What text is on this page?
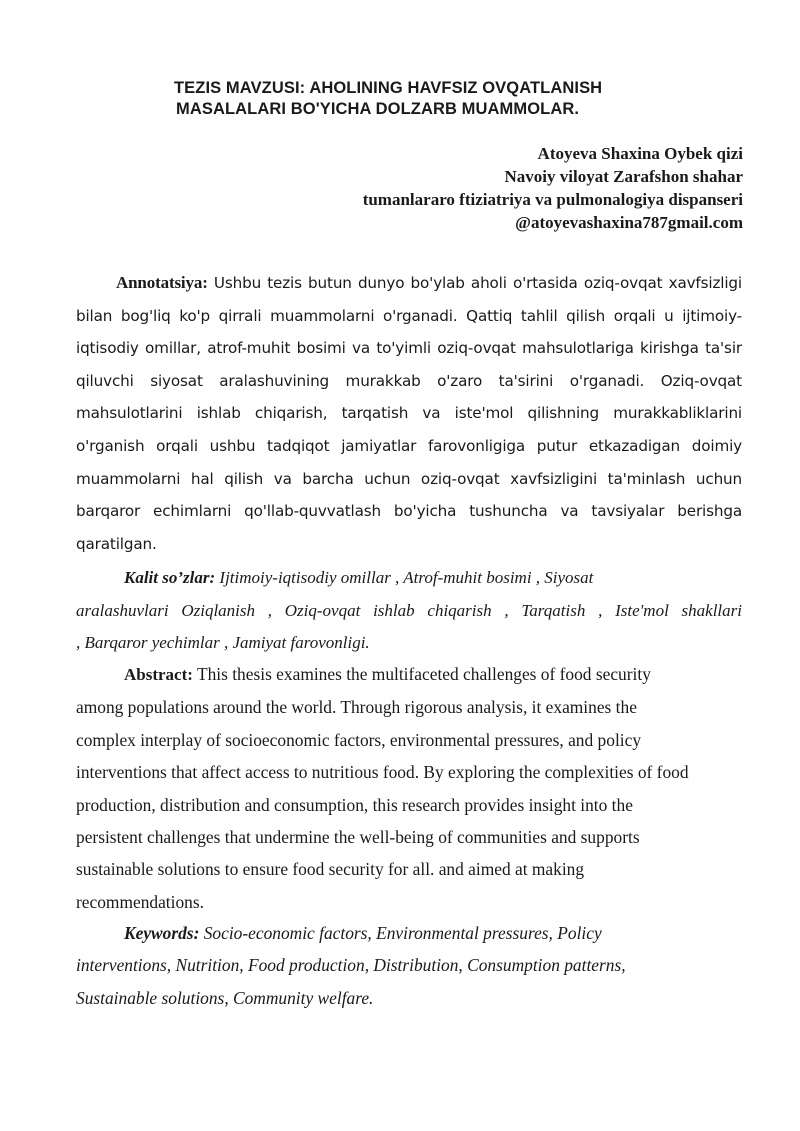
TEZIS MAVZUSI: AHOLINING HAVFSIZ OVQATLANISH
MASALALARI BO'YICHA DOLZARB MUAMMOLAR.
Atoyeva Shaxina Oybek qizi
Navoiy viloyat Zarafshon shahar
tumanlararo ftiziatriya va pulmonalogiya dispanseri
@atoyevashaxina787gmail.com
Annotatsiya: Ushbu tezis butun dunyo bo'ylab aholi o'rtasida oziq-ovqat xavfsizligi
bilan bog'liq ko'p qirrali muammolarni o'rganadi. Qattiq tahlil qilish orqali u ijtimoiy-
iqtisodiy omillar, atrof-muhit bosimi va to'yimli oziq-ovqat mahsulotlariga kirishga ta'sir
qiluvchi siyosat aralashuvining murakkab o'zaro ta'sirini o'rganadi. Oziq-ovqat
mahsulotlarini ishlab chiqarish, tarqatish va iste'mol qilishning murakkabliklarini
o'rganish orqali ushbu tadqiqot jamiyatlar farovonligiga putur etkazadigan doimiy
muammolarni hal qilish va barcha uchun oziq-ovqat xavfsizligini ta'minlash uchun
barqaror echimlarni qo'llab-quvvatlash bo'yicha tushuncha va tavsiyalar berishga
qaratilgan.
Kalit so’zlar: Ijtimoiy-iqtisodiy omillar , Atrof-muhit bosimi , Siyosat
aralashuvlari Oziqlanish , Oziq-ovqat ishlab chiqarish , Tarqatish , Iste'mol shakllari
, Barqaror yechimlar , Jamiyat farovonligi.
Abstract: This thesis examines the multifaceted challenges of food security
among populations around the world. Through rigorous analysis, it examines the
complex interplay of socioeconomic factors, environmental pressures, and policy
interventions that affect access to nutritious food. By exploring the complexities of food
production, distribution and consumption, this research provides insight into the
persistent challenges that undermine the well-being of communities and supports
sustainable solutions to ensure food security for all. and aimed at making
recommendations.
Keywords: Socio-economic factors, Environmental pressures, Policy
interventions, Nutrition, Food production, Distribution, Consumption patterns,
Sustainable solutions, Community welfare.
